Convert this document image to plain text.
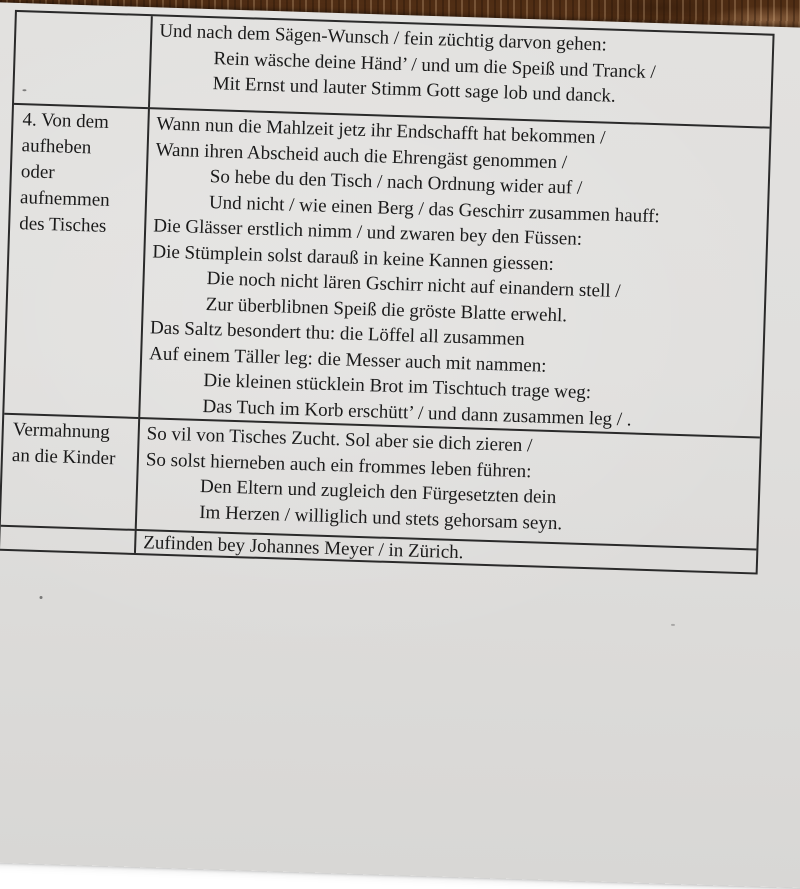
Und nach dem Sägen-Wunsch / fein züchtig darvon gehen:
Rein wäsche deine Händ’ / und um die Speiß und Tranck /
Mit Ernst und lauter Stimm Gott sage lob und danck.
4. Von dem
aufheben
oder
aufnemmen
des Tisches
Wann nun die Mahlzeit jetz ihr Endschafft hat bekommen /
Wann ihren Abscheid auch die Ehrengäst genommen /
So hebe du den Tisch / nach Ordnung wider auf /
Und nicht / wie einen Berg / das Geschirr zusammen hauff:
Die Glässer erstlich nimm / und zwaren bey den Füssen:
Die Stümplein solst darauß in keine Kannen giessen:
Die noch nicht lären Gschirr nicht auf einandern stell /
Zur überblibnen Speiß die gröste Blatte erwehl.
Das Saltz besondert thu: die Löffel all zusammen
Auf einem Täller leg: die Messer auch mit nammen:
Die kleinen stücklein Brot im Tischtuch trage weg:
Das Tuch im Korb erschütt’ / und dann zusammen leg / .
Vermahnung
an die Kinder
So vil von Tisches Zucht. Sol aber sie dich zieren /
So solst hierneben auch ein frommes leben führen:
Den Eltern und zugleich den Fürgesetzten dein
Im Herzen / williglich und stets gehorsam seyn.
Zufinden bey Johannes Meyer / in Zürich.
